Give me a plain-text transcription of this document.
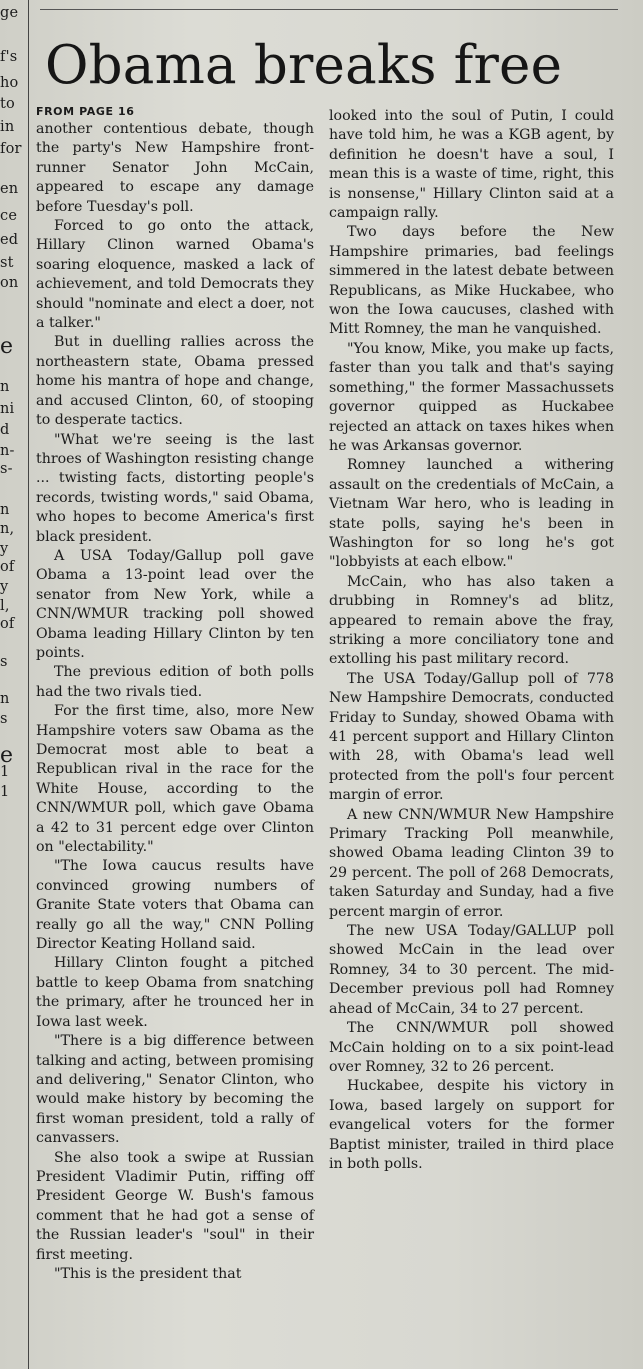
ge
f's
ho
to
in
for
en
ce
ed
st
on
e
n
ni
d
n-
s-
n
n,
y
of
y
l,
of
s
n
s
e
1
1
Obama breaks free
FROM PAGE 16

another contentious debate, though the party's New Hampshire front-runner Senator John McCain, appeared to escape any damage before Tuesday's poll.

Forced to go onto the attack, Hillary Clinon warned Obama's soaring eloquence, masked a lack of achievement, and told Democrats they should "nominate and elect a doer, not a talker."

But in duelling rallies across the northeastern state, Obama pressed home his mantra of hope and change, and accused Clinton, 60, of stooping to desperate tactics.

"What we're seeing is the last throes of Washington resisting change ... twisting facts, distorting people's records, twisting words," said Obama, who hopes to become America's first black president.

A USA Today/Gallup poll gave Obama a 13-point lead over the senator from New York, while a CNN/WMUR tracking poll showed Obama leading Hillary Clinton by ten points.

The previous edition of both polls had the two rivals tied.

For the first time, also, more New Hampshire voters saw Obama as the Democrat most able to beat a Republican rival in the race for the White House, according to the CNN/WMUR poll, which gave Obama a 42 to 31 percent edge over Clinton on "electability."

"The Iowa caucus results have convinced growing numbers of Granite State voters that Obama can really go all the way," CNN Polling Director Keating Holland said.

Hillary Clinton fought a pitched battle to keep Obama from snatching the primary, after he trounced her in Iowa last week.

"There is a big difference between talking and acting, between promising and delivering," Senator Clinton, who would make history by becoming the first woman president, told a rally of canvassers.

She also took a swipe at Russian President Vladimir Putin, riffing off President George W. Bush's famous comment that he had got a sense of the Russian leader's "soul" in their first meeting.

"This is the president that

looked into the soul of Putin, I could have told him, he was a KGB agent, by definition he doesn't have a soul, I mean this is a waste of time, right, this is nonsense," Hillary Clinton said at a campaign rally.

Two days before the New Hampshire primaries, bad feelings simmered in the latest debate between Republicans, as Mike Huckabee, who won the Iowa caucuses, clashed with Mitt Romney, the man he vanquished.

"You know, Mike, you make up facts, faster than you talk and that's saying something," the former Massachussets governor quipped as Huckabee rejected an attack on taxes hikes when he was Arkansas governor.

Romney launched a withering assault on the credentials of McCain, a Vietnam War hero, who is leading in state polls, saying he's been in Washington for so long he's got "lobbyists at each elbow."

McCain, who has also taken a drubbing in Romney's ad blitz, appeared to remain above the fray, striking a more conciliatory tone and extolling his past military record.

The USA Today/Gallup poll of 778 New Hampshire Democrats, conducted Friday to Sunday, showed Obama with 41 percent support and Hillary Clinton with 28, with Obama's lead well protected from the poll's four percent margin of error.

A new CNN/WMUR New Hampshire Primary Tracking Poll meanwhile, showed Obama leading Clinton 39 to 29 percent. The poll of 268 Democrats, taken Saturday and Sunday, had a five percent margin of error.

The new USA Today/GALLUP poll showed McCain in the lead over Romney, 34 to 30 percent. The mid-December previous poll had Romney ahead of McCain, 34 to 27 percent.

The CNN/WMUR poll showed McCain holding on to a six point-lead over Romney, 32 to 26 percent.

Huckabee, despite his victory in Iowa, based largely on support for evangelical voters for the former Baptist minister, trailed in third place in both polls.
